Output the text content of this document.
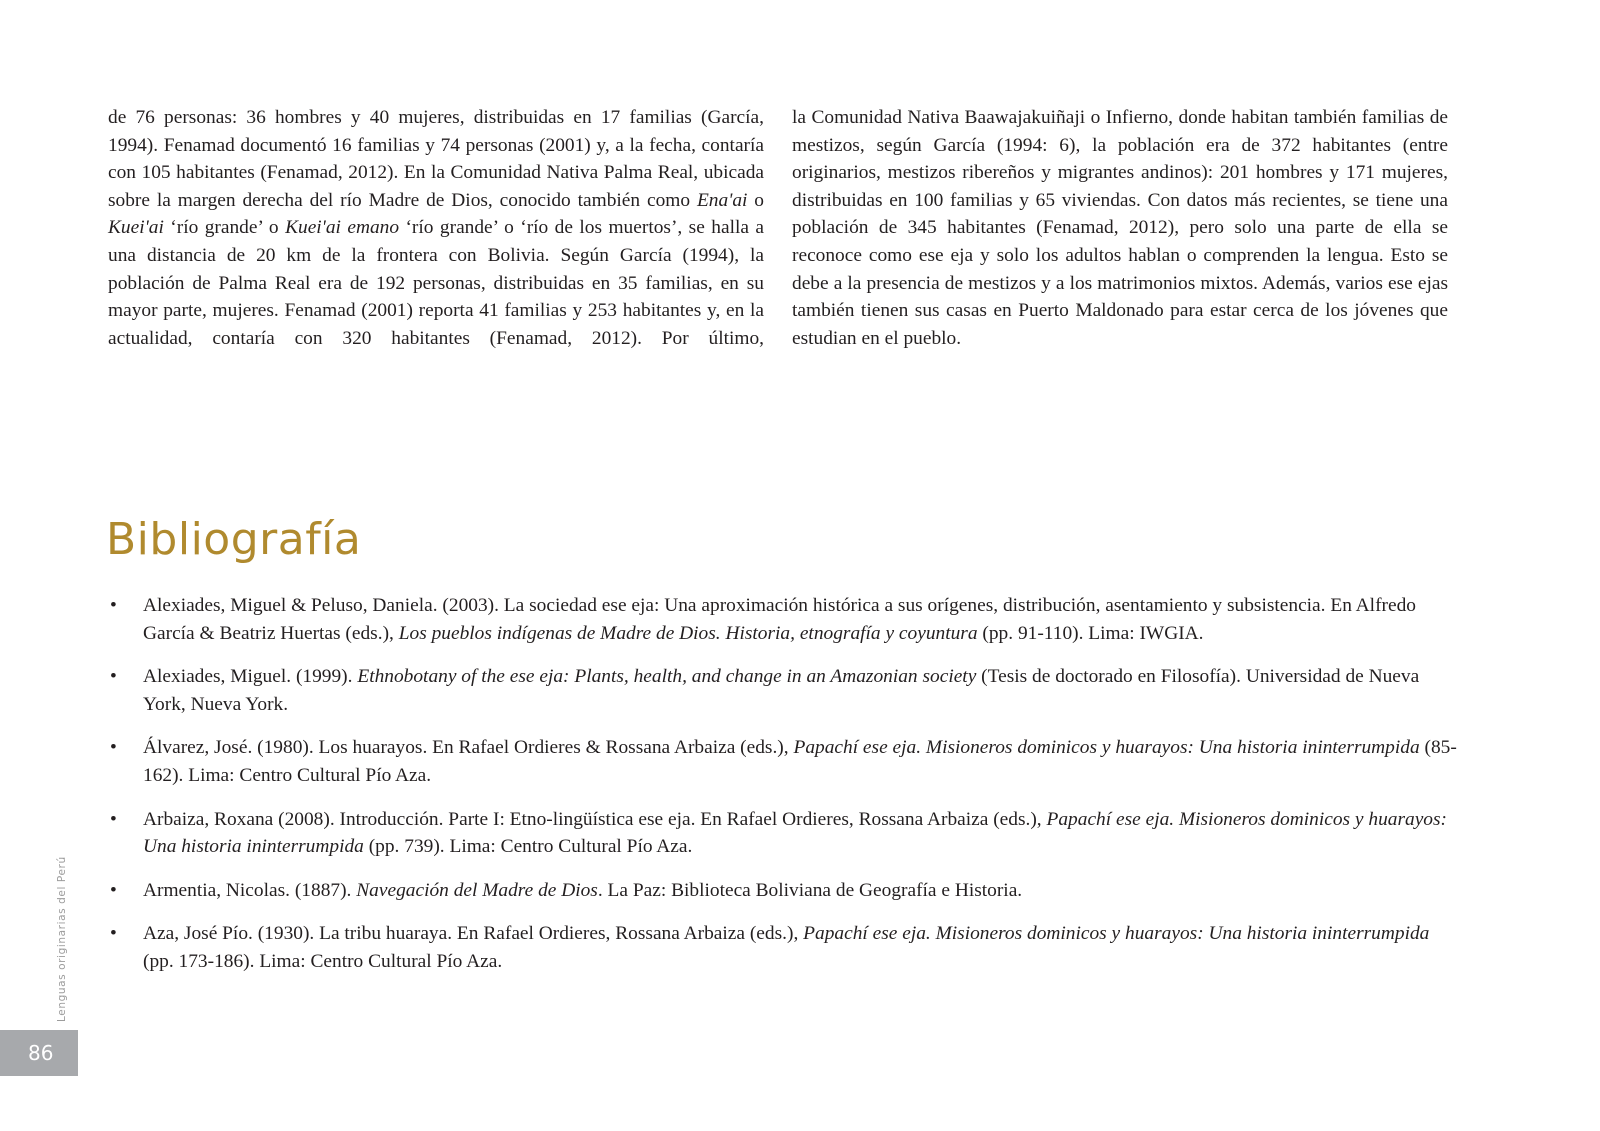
de 76 personas: 36 hombres y 40 mujeres, distribuidas en 17 familias (García, 1994). Fenamad documentó 16 familias y 74 personas (2001) y, a la fecha, contaría con 105 habitantes (Fenamad, 2012). En la Comunidad Nativa Palma Real, ubicada sobre la margen derecha del río Madre de Dios, conocido también como Ena'ai o Kuei'ai ‘río grande’ o Kuei'ai emano ‘río grande’ o ‘río de los muertos’, se halla a una distancia de 20 km de la frontera con Bolivia. Según García (1994), la población de Palma Real era de 192 personas, distribuidas en 35 familias, en su mayor parte, mujeres. Fenamad (2001) reporta 41 familias y 253 habitantes y, en la actualidad, contaría con 320 habitantes (Fenamad, 2012). Por último,

la Comunidad Nativa Baawajakuiñaji o Infierno, donde habitan también familias de mestizos, según García (1994: 6), la población era de 372 habitantes (entre originarios, mestizos ribereños y migrantes andinos): 201 hombres y 171 mujeres, distribuidas en 100 familias y 65 viviendas. Con datos más recientes, se tiene una población de 345 habitantes (Fenamad, 2012), pero solo una parte de ella se reconoce como ese eja y solo los adultos hablan o comprenden la lengua. Esto se debe a la presencia de mestizos y a los matrimonios mixtos. Además, varios ese ejas también tienen sus casas en Puerto Maldonado para estar cerca de los jóvenes que estudian en el pueblo.

Bibliografía
• Alexiades, Miguel & Peluso, Daniela. (2003). La sociedad ese eja: Una aproximación histórica a sus orígenes, distribución, asentamiento y subsistencia. En Alfredo García & Beatriz Huertas (eds.), Los pueblos indígenas de Madre de Dios. Historia, etnografía y coyuntura (pp. 91-110). Lima: IWGIA.
• Alexiades, Miguel. (1999). Ethnobotany of the ese eja: Plants, health, and change in an Amazonian society (Tesis de doctorado en Filosofía). Universidad de Nueva York, Nueva York.
• Álvarez, José. (1980). Los huarayos. En Rafael Ordieres & Rossana Arbaiza (eds.), Papachí ese eja. Misioneros dominicos y huarayos: Una historia ininterrumpida (85-162). Lima: Centro Cultural Pío Aza.
• Arbaiza, Roxana (2008). Introducción. Parte I: Etno-lingüística ese eja. En Rafael Ordieres, Rossana Arbaiza (eds.), Papachí ese eja. Misioneros dominicos y huarayos: Una historia ininterrumpida (pp. 739). Lima: Centro Cultural Pío Aza.
• Armentia, Nicolas. (1887). Navegación del Madre de Dios. La Paz: Biblioteca Boliviana de Geografía e Historia.
• Aza, José Pío. (1930). La tribu huaraya. En Rafael Ordieres, Rossana Arbaiza (eds.), Papachí ese eja. Misioneros dominicos y huarayos: Una historia ininterrumpida (pp. 173-186). Lima: Centro Cultural Pío Aza.
Lenguas originarias del Perú
86
